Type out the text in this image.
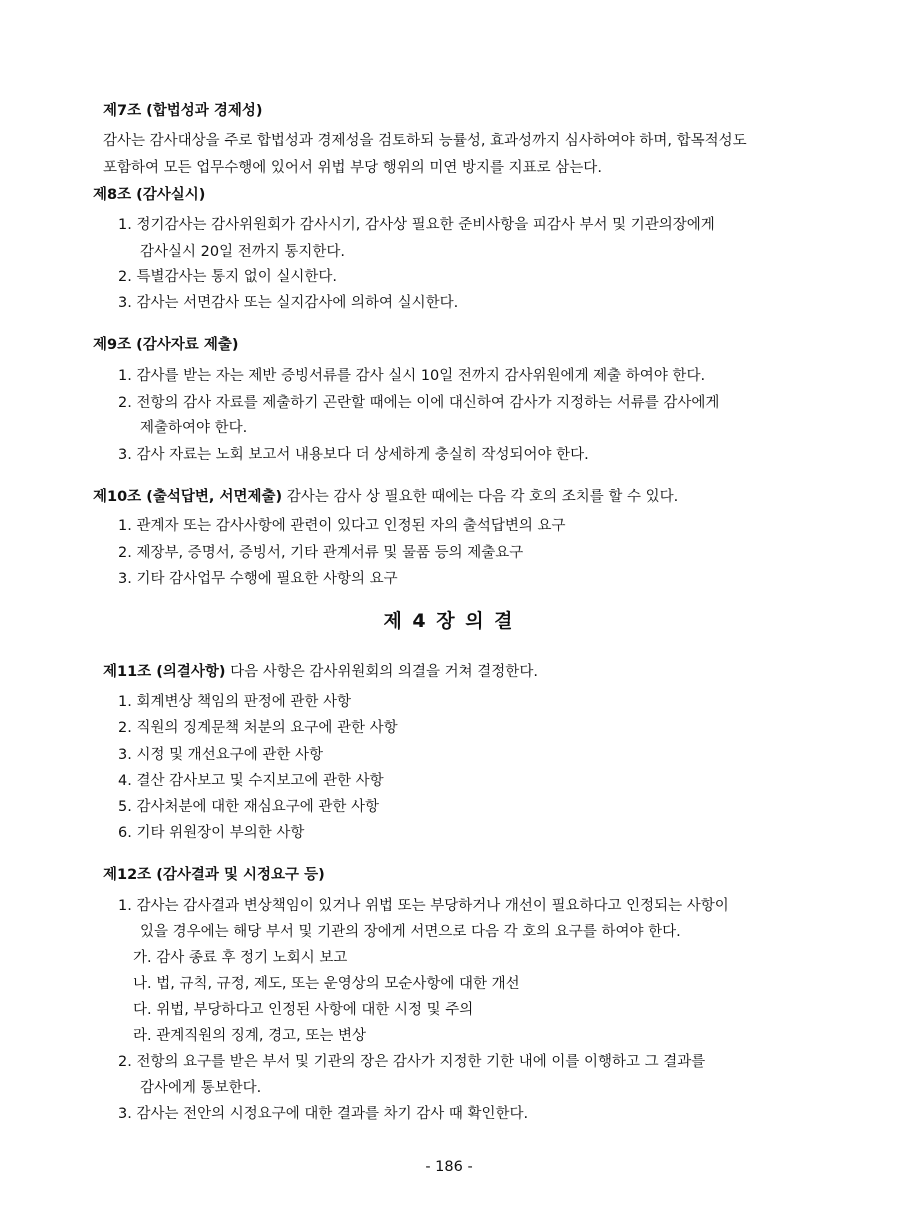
제7조 (합법성과 경제성)
감사는 감사대상을 주로 합법성과 경제성을 검토하되 능률성, 효과성까지 심사하여야 하며, 합목적성도
포함하여 모든 업무수행에 있어서 위법 부당 행위의 미연 방지를 지표로 삼는다.
제8조 (감사실시)
1. 정기감사는 감사위원회가 감사시기, 감사상 필요한 준비사항을 피감사 부서 및 기관의장에게
감사실시 20일 전까지 통지한다.
2. 특별감사는 통지 없이 실시한다.
3. 감사는 서면감사 또는 실지감사에 의하여 실시한다.
제9조 (감사자료 제출)
1. 감사를 받는 자는 제반 증빙서류를 감사 실시 10일 전까지 감사위원에게 제출 하여야 한다.
2. 전항의 감사 자료를 제출하기 곤란할 때에는 이에 대신하여 감사가 지정하는 서류를 감사에게
제출하여야 한다.
3. 감사 자료는 노회 보고서 내용보다 더 상세하게 충실히 작성되어야 한다.
제10조 (출석답변, 서면제출) 감사는 감사 상 필요한 때에는 다음 각 호의 조치를 할 수 있다.
1. 관계자 또는 감사사항에 관련이 있다고 인정된 자의 출석답변의 요구
2. 제장부, 증명서, 증빙서, 기타 관계서류 및 물품 등의 제출요구
3. 기타 감사업무 수행에 필요한 사항의 요구
제 4 장 의 결
제11조 (의결사항) 다음 사항은 감사위원회의 의결을 거쳐 결정한다.
1. 회계변상 책임의 판정에 관한 사항
2. 직원의 징계문책 처분의 요구에 관한 사항
3. 시정 및 개선요구에 관한 사항
4. 결산 감사보고 및 수지보고에 관한 사항
5. 감사처분에 대한 재심요구에 관한 사항
6. 기타 위원장이 부의한 사항
제12조 (감사결과 및 시정요구 등)
1. 감사는 감사결과 변상책임이 있거나 위법 또는 부당하거나 개선이 필요하다고 인정되는 사항이
있을 경우에는 해당 부서 및 기관의 장에게 서면으로 다음 각 호의 요구를 하여야 한다.
가. 감사 종료 후 정기 노회시 보고
나. 법, 규칙, 규정, 제도, 또는 운영상의 모순사항에 대한 개선
다. 위법, 부당하다고 인정된 사항에 대한 시정 및 주의
라. 관계직원의 징계, 경고, 또는 변상
2. 전항의 요구를 받은 부서 및 기관의 장은 감사가 지정한 기한 내에 이를 이행하고 그 결과를
감사에게 통보한다.
3. 감사는 전안의 시정요구에 대한 결과를 차기 감사 때 확인한다.
- 186 -
